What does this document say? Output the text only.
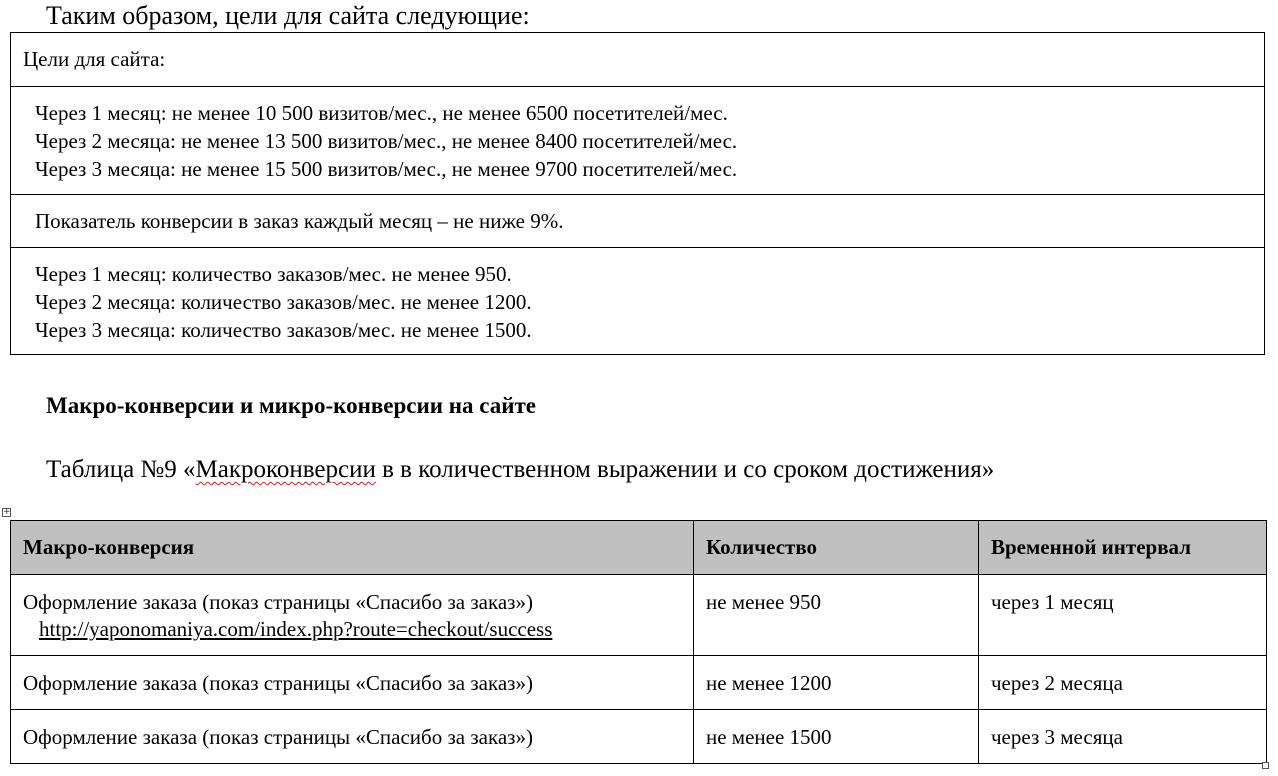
Таким образом, цели для сайта следующие:
Цели для сайта:
Через 1 месяц: не менее 10 500 визитов/мес., не менее 6500 посетителей/мес.
Через 2 месяца: не менее 13 500 визитов/мес., не менее 8400 посетителей/мес.
Через 3 месяца: не менее 15 500 визитов/мес., не менее 9700 посетителей/мес.
Показатель конверсии в заказ каждый месяц – не ниже 9%.
Через 1 месяц: количество заказов/мес. не менее 950.
Через 2 месяца: количество заказов/мес. не менее 1200.
Через 3 месяца: количество заказов/мес. не менее 1500.
Макро-конверсии и микро-конверсии на сайте
Таблица №9 «Макроконверсии в в количественном выражении и со сроком достижения»
+
Макро-конверсия	Количество	Временной интервал

Оформление заказа (показ страницы «Спасибо за заказ»)
http://yaponomaniya.com/index.php?route=checkout/success	не менее 950	через 1 месяц
Оформление заказа (показ страницы «Спасибо за заказ»)	не менее 1200	через 2 месяца
Оформление заказа (показ страницы «Спасибо за заказ»)	не менее 1500	через 3 месяца
